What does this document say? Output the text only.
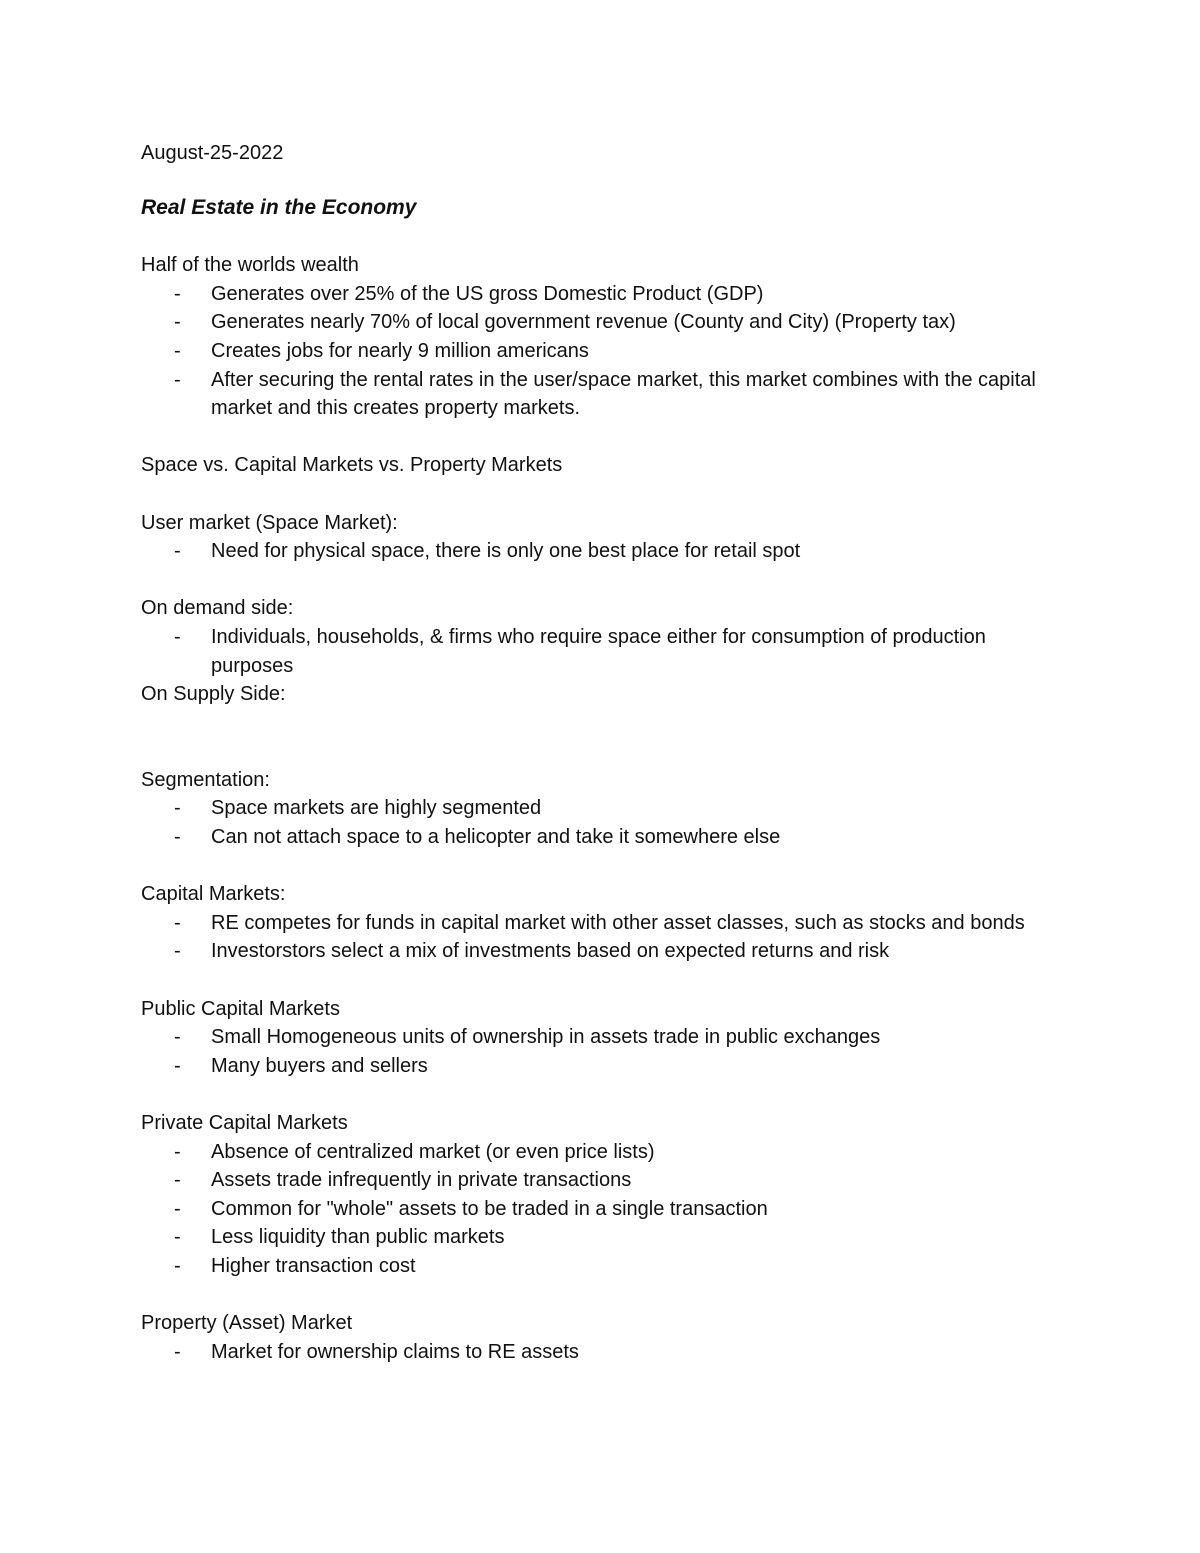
August-25-2022

Real Estate in the Economy

Half of the worlds wealth

- Generates over 25% of the US gross Domestic Product (GDP)
- Generates nearly 70% of local government revenue (County and City) (Property tax)
- Creates jobs for nearly 9 million americans
- After securing the rental rates in the user/space market, this market combines with the capital market and this creates property markets.

Space vs. Capital Markets vs. Property Markets

User market (Space Market):

- Need for physical space, there is only one best place for retail spot

On demand side:

- Individuals, households, & firms who require space either for consumption of production purposes

On Supply Side:

Segmentation:

- Space markets are highly segmented
- Can not attach space to a helicopter and take it somewhere else

Capital Markets:

- RE competes for funds in capital market with other asset classes, such as stocks and bonds
- Investorstors select a mix of investments based on expected returns and risk

Public Capital Markets

- Small Homogeneous units of ownership in assets trade in public exchanges
- Many buyers and sellers

Private Capital Markets

- Absence of centralized market (or even price lists)
- Assets trade infrequently in private transactions
- Common for "whole" assets to be traded in a single transaction
- Less liquidity than public markets
- Higher transaction cost

Property (Asset) Market

- Market for ownership claims to RE assets
